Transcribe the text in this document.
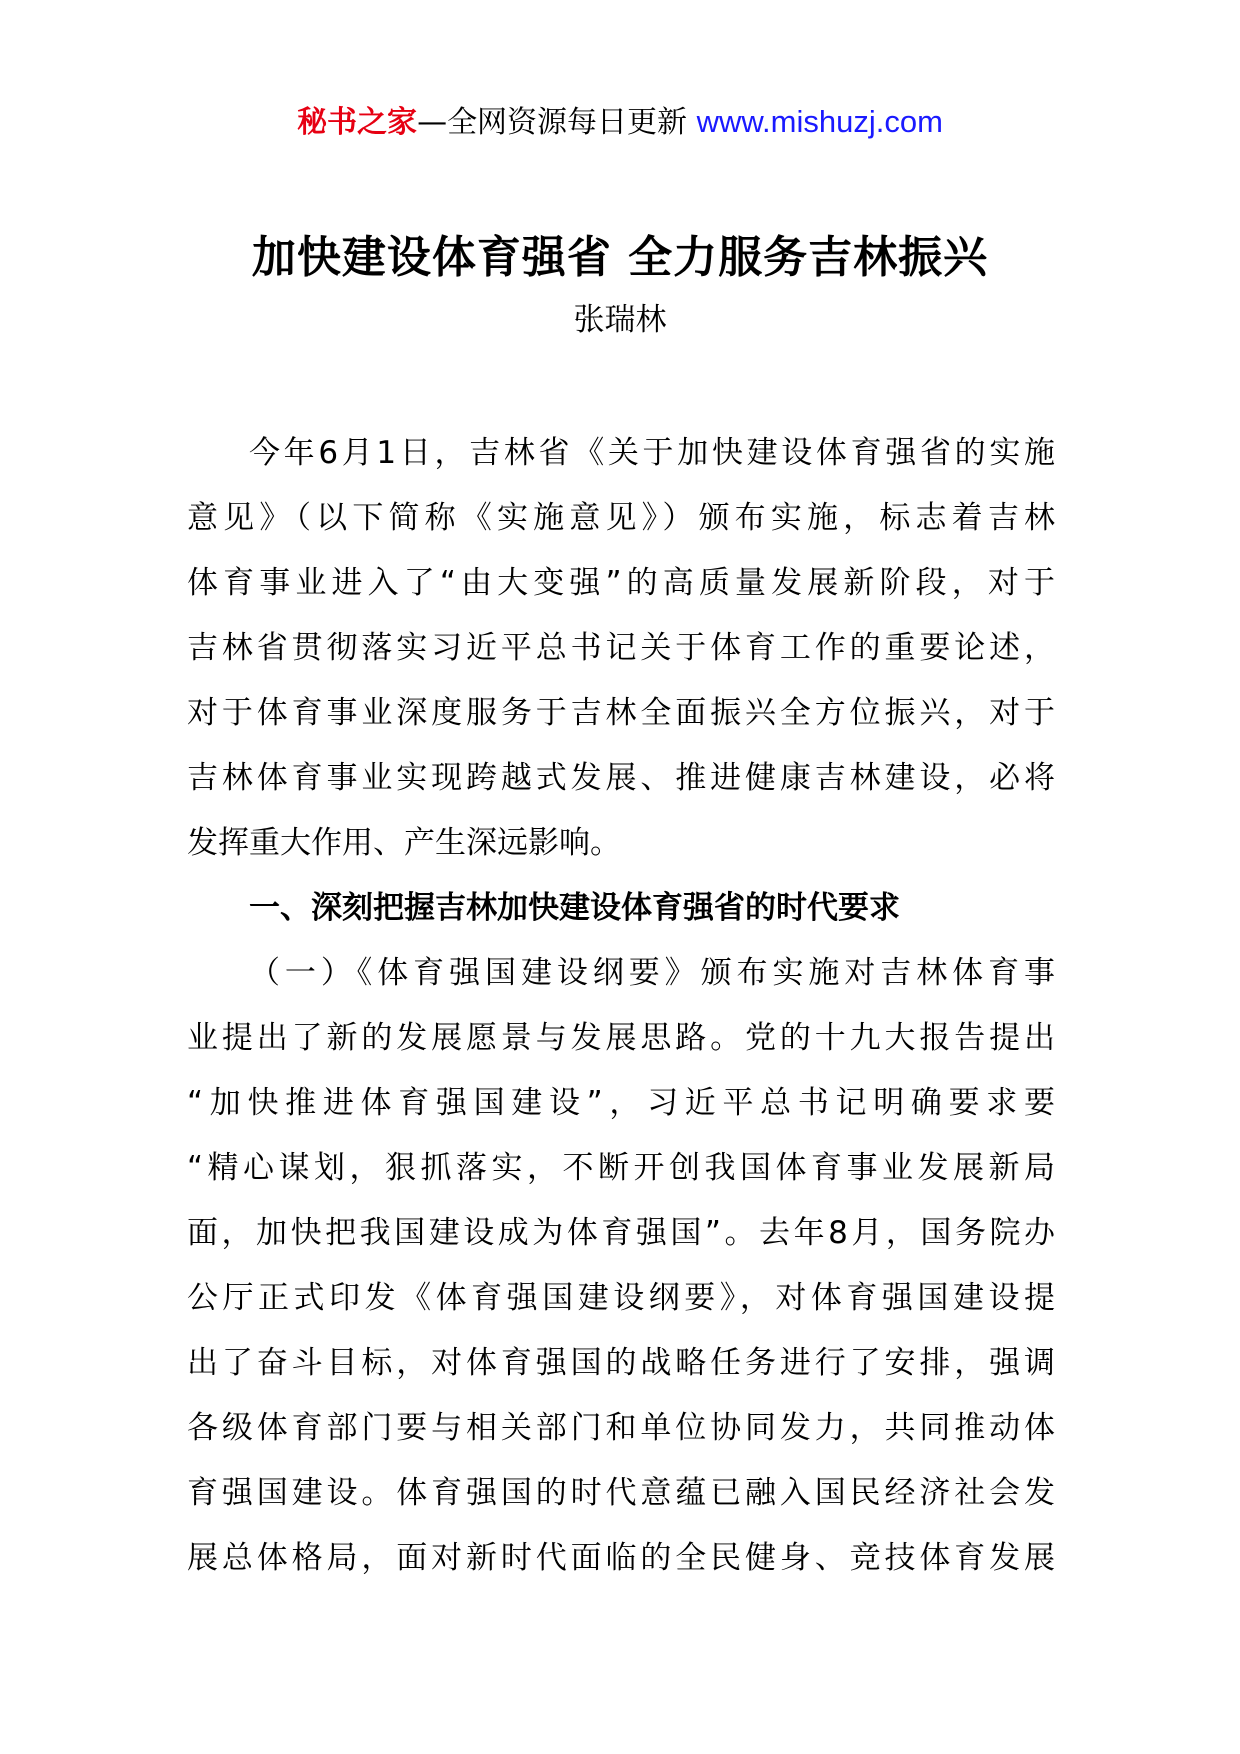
秘书之家—全网资源每日更新 www.mishuzj.com
加快建设体育强省 全力服务吉林振兴
张瑞林
今年6月1日，吉林省《关于加快建设体育强省的实施
意见》（以下简称《实施意见》）颁布实施，标志着吉林
体育事业进入了“由大变强”的高质量发展新阶段，对于
吉林省贯彻落实习近平总书记关于体育工作的重要论述，
对于体育事业深度服务于吉林全面振兴全方位振兴，对于
吉林体育事业实现跨越式发展、推进健康吉林建设，必将
发挥重大作用、产生深远影响。
一、深刻把握吉林加快建设体育强省的时代要求
（一）《体育强国建设纲要》颁布实施对吉林体育事
业提出了新的发展愿景与发展思路。党的十九大报告提出
“加快推进体育强国建设”，习近平总书记明确要求要
“精心谋划，狠抓落实，不断开创我国体育事业发展新局
面，加快把我国建设成为体育强国”。去年8月，国务院办
公厅正式印发《体育强国建设纲要》，对体育强国建设提
出了奋斗目标，对体育强国的战略任务进行了安排，强调
各级体育部门要与相关部门和单位协同发力，共同推动体
育强国建设。体育强国的时代意蕴已融入国民经济社会发
展总体格局，面对新时代面临的全民健身、竞技体育发展
